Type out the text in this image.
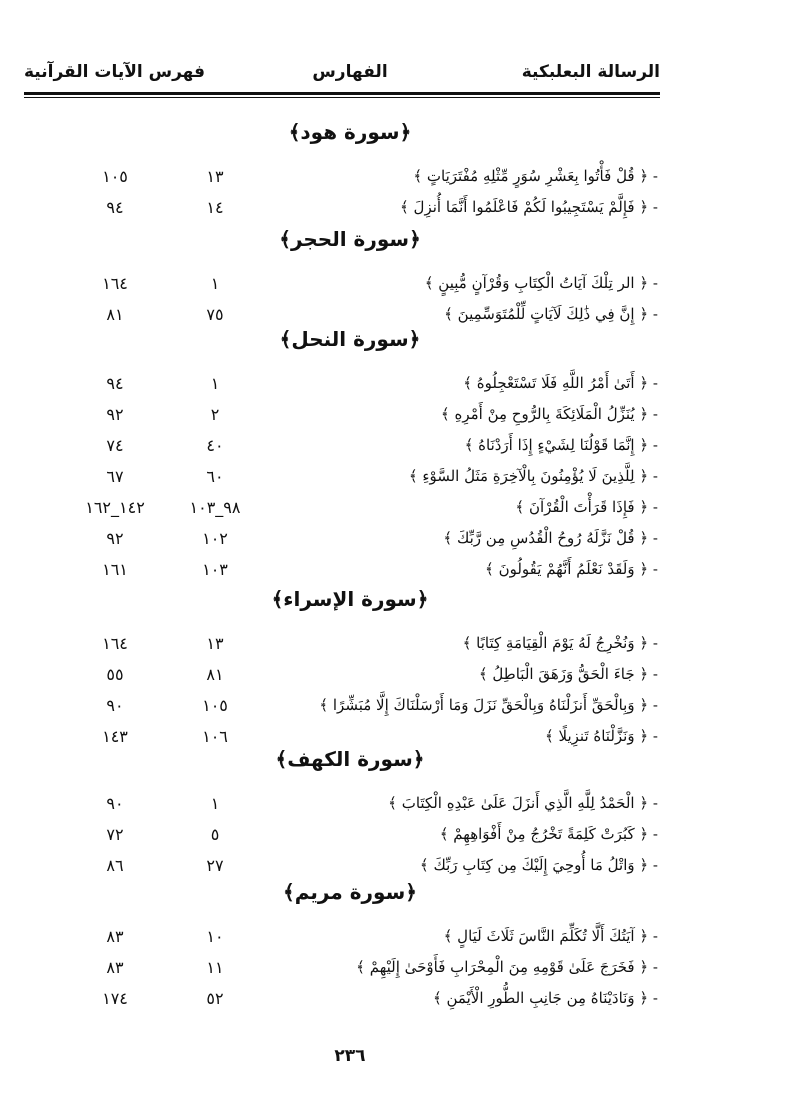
الرسالة البعلبكية
الفهارس
فهرس الآيات القرآنية
﴿سورة هود﴾
- ﴿ قُلْ فَأْتُوا بِعَشْرِ سُوَرٍ مِّثْلِهِ مُفْتَرَيَاتٍ ﴾
١٣
١٠٥
- ﴿ فَإِلَّمْ يَسْتَجِيبُوا لَكُمْ فَاعْلَمُوا أَنَّمَا أُنزِلَ ﴾
١٤
٩٤
﴿سورة الحجر﴾
- ﴿ الر تِلْكَ آيَاتُ الْكِتَابِ وَقُرْآنٍ مُّبِينٍ ﴾
١
١٦٤
- ﴿ إِنَّ فِي ذَٰلِكَ لَآيَاتٍ لِّلْمُتَوَسِّمِينَ ﴾
٧٥
٨١
﴿سورة النحل﴾
- ﴿ أَتَىٰ أَمْرُ اللَّهِ فَلَا تَسْتَعْجِلُوهُ ﴾
١
٩٤
- ﴿ يُنَزِّلُ الْمَلَائِكَةَ بِالرُّوحِ مِنْ أَمْرِهِ ﴾
٢
٩٢
- ﴿ إِنَّمَا قَوْلُنَا لِشَيْءٍ إِذَا أَرَدْنَاهُ ﴾
٤٠
٧٤
- ﴿ لِلَّذِينَ لَا يُؤْمِنُونَ بِالْآخِرَةِ مَثَلُ السَّوْءِ ﴾
٦٠
٦٧
- ﴿ فَإِذَا قَرَأْتَ الْقُرْآنَ ﴾
٩٨_١٠٣
١٤٢_١٦٢
- ﴿ قُلْ نَزَّلَهُ رُوحُ الْقُدُسِ مِن رَّبِّكَ ﴾
١٠٢
٩٢
- ﴿ وَلَقَدْ نَعْلَمُ أَنَّهُمْ يَقُولُونَ ﴾
١٠٣
١٦١
﴿سورة الإسراء﴾
- ﴿ وَنُخْرِجُ لَهُ يَوْمَ الْقِيَامَةِ كِتَابًا ﴾
١٣
١٦٤
- ﴿ جَاءَ الْحَقُّ وَزَهَقَ الْبَاطِلُ ﴾
٨١
٥٥
- ﴿ وَبِالْحَقِّ أَنزَلْنَاهُ وَبِالْحَقِّ نَزَلَ وَمَا أَرْسَلْنَاكَ إِلَّا مُبَشِّرًا ﴾
١٠٥
٩٠
- ﴿ وَنَزَّلْنَاهُ تَنزِيلًا ﴾
١٠٦
١٤٣
﴿سورة الكهف﴾
- ﴿ الْحَمْدُ لِلَّهِ الَّذِي أَنزَلَ عَلَىٰ عَبْدِهِ الْكِتَابَ ﴾
١
٩٠
- ﴿ كَبُرَتْ كَلِمَةً تَخْرُجُ مِنْ أَفْوَاهِهِمْ ﴾
٥
٧٢
- ﴿ وَاتْلُ مَا أُوحِيَ إِلَيْكَ مِن كِتَابِ رَبِّكَ ﴾
٢٧
٨٦
﴿سورة مريم﴾
- ﴿ آيَتُكَ أَلَّا تُكَلِّمَ النَّاسَ ثَلَاثَ لَيَالٍ ﴾
١٠
٨٣
- ﴿ فَخَرَجَ عَلَىٰ قَوْمِهِ مِنَ الْمِحْرَابِ فَأَوْحَىٰ إِلَيْهِمْ ﴾
١١
٨٣
- ﴿ وَنَادَيْنَاهُ مِن جَانِبِ الطُّورِ الْأَيْمَنِ ﴾
٥٢
١٧٤
٢٣٦
